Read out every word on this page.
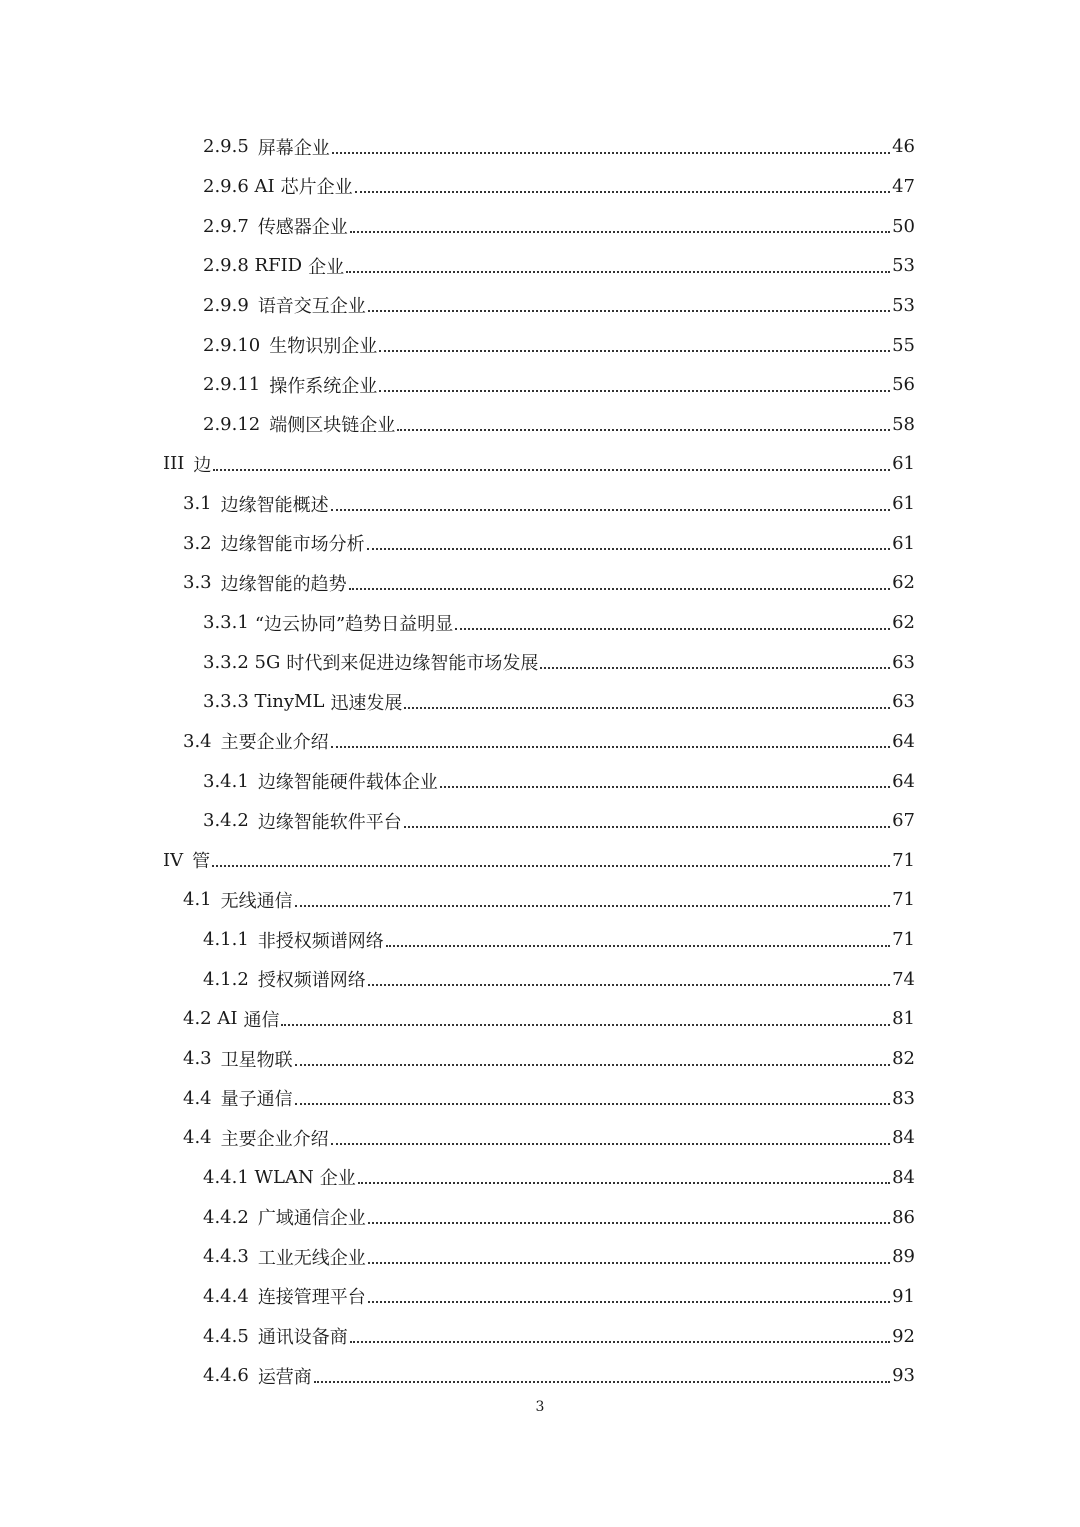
2.9.5 屏幕企业	46
2.9.6 AI 芯片企业	47
2.9.7 传感器企业	50
2.9.8 RFID 企业	53
2.9.9 语音交互企业	53
2.9.10 生物识别企业	55
2.9.11 操作系统企业	56
2.9.12 端侧区块链企业	58
III 边	61
3.1 边缘智能概述	61
3.2 边缘智能市场分析	61
3.3 边缘智能的趋势	62
3.3.1 “边云协同”趋势日益明显	62
3.3.2 5G 时代到来促进边缘智能市场发展	63
3.3.3 TinyML 迅速发展	63
3.4 主要企业介绍	64
3.4.1 边缘智能硬件载体企业	64
3.4.2 边缘智能软件平台	67
IV 管	71
4.1 无线通信	71
4.1.1 非授权频谱网络	71
4.1.2 授权频谱网络	74
4.2 AI 通信	81
4.3 卫星物联	82
4.4 量子通信	83
4.4 主要企业介绍	84
4.4.1 WLAN 企业	84
4.4.2 广域通信企业	86
4.4.3 工业无线企业	89
4.4.4 连接管理平台	91
4.4.5 通讯设备商	92
4.4.6 运营商	93
3
